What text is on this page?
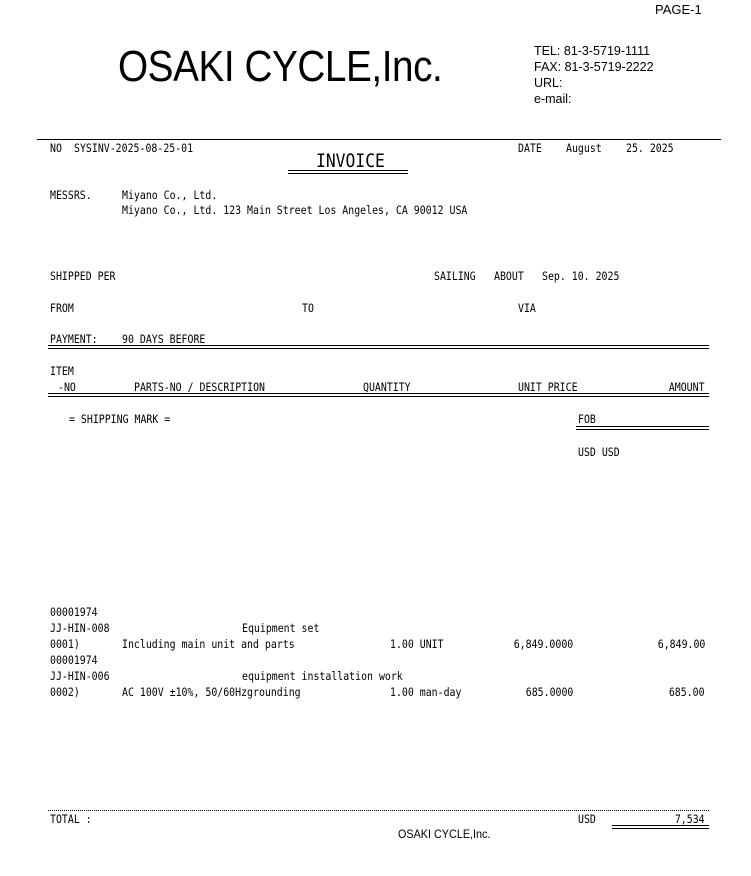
PAGE-1
OSAKI CYCLE,Inc.	TEL: 81-3-5719-1111
FAX: 81-3-5719-2222
URL:
e-mail:
NO SYSINV-2025-08-25-01
INVOICE
DATE August 25. 2025
MESSRS.	Miyano Co., Ltd.
Miyano Co., Ltd. 123 Main Street Los Angeles, CA 90012 USA
SHIPPED PER	SAILING ABOUT Sep. 10. 2025
FROM	TO	VIA
PAYMENT: 90 DAYS BEFORE
ITEM
-NO	PARTS-NO / DESCRIPTION	QUANTITY	UNIT PRICE	AMOUNT
= SHIPPING MARK =	FOB
USD USD
00001974
JJ-HIN-008	Equipment set
0001)	Including main unit and parts	1.00 UNIT	6,849.0000	6,849.00
00001974
JJ-HIN-006	equipment installation work
0002)	AC 100V ±10%, 50/60Hzgrounding	1.00 man-day	685.0000	685.00
TOTAL :	USD	7,534
OSAKI CYCLE,Inc.
